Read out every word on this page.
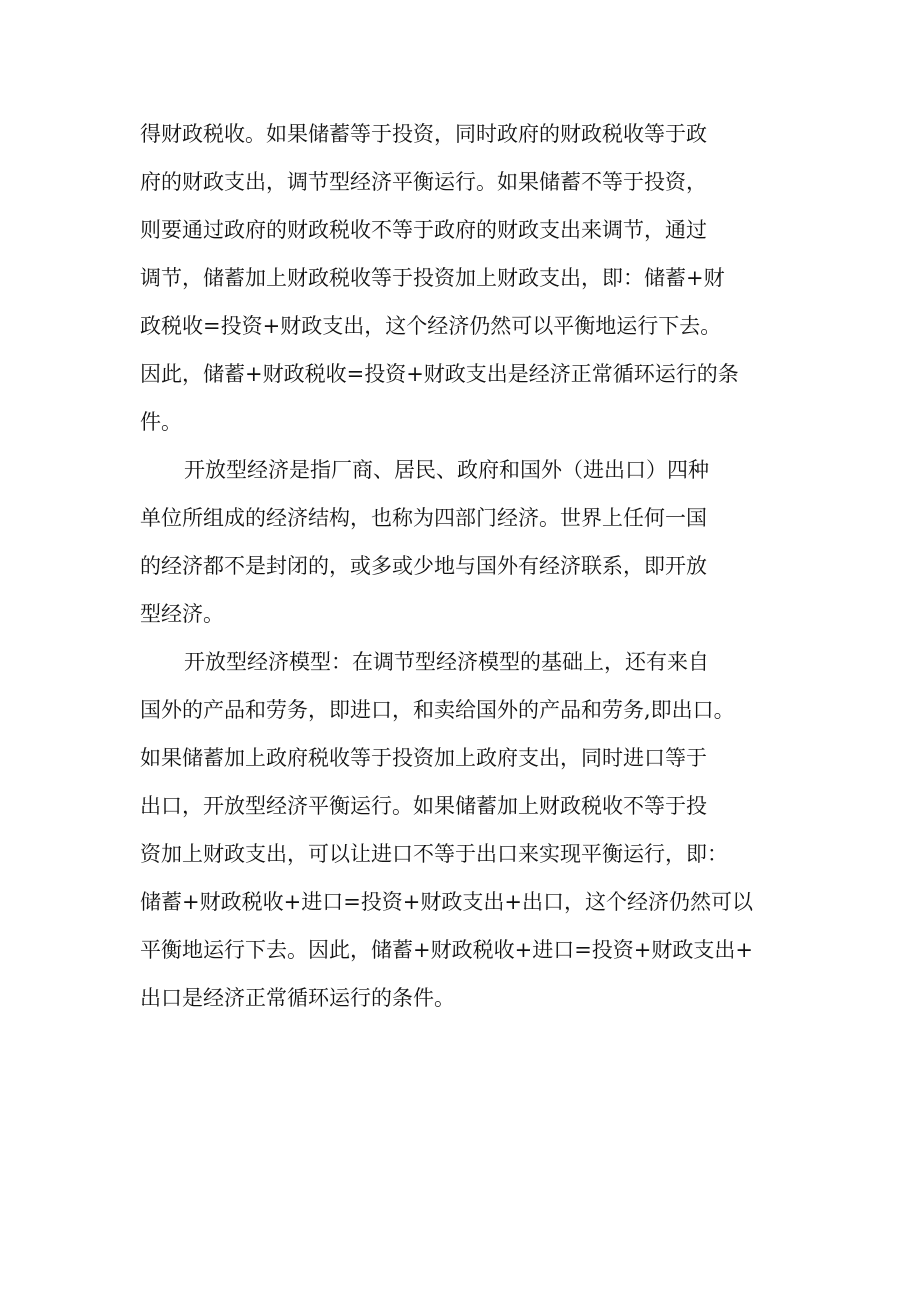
得财政税收。如果储蓄等于投资，同时政府的财政税收等于政
府的财政支出，调节型经济平衡运行。如果储蓄不等于投资，
则要通过政府的财政税收不等于政府的财政支出来调节，通过
调节，储蓄加上财政税收等于投资加上财政支出，即：储蓄+财
政税收=投资+财政支出，这个经济仍然可以平衡地运行下去。
因此，储蓄+财政税收=投资+财政支出是经济正常循环运行的条
件。
开放型经济是指厂商、居民、政府和国外（进出口）四种
单位所组成的经济结构，也称为四部门经济。世界上任何一国
的经济都不是封闭的，或多或少地与国外有经济联系，即开放
型经济。
开放型经济模型：在调节型经济模型的基础上，还有来自
国外的产品和劳务，即进口，和卖给国外的产品和劳务,即出口。
如果储蓄加上政府税收等于投资加上政府支出，同时进口等于
出口，开放型经济平衡运行。如果储蓄加上财政税收不等于投
资加上财政支出，可以让进口不等于出口来实现平衡运行，即：
储蓄+财政税收+进口=投资+财政支出+出口，这个经济仍然可以
平衡地运行下去。因此，储蓄+财政税收+进口=投资+财政支出+
出口是经济正常循环运行的条件。
